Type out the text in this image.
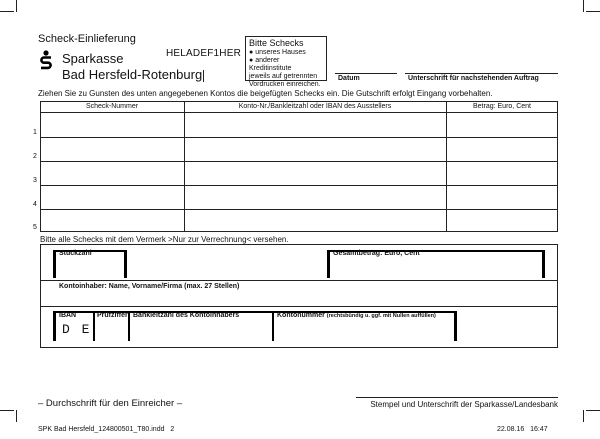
Scheck-Einlieferung
Sparkasse
Bad Hersfeld-Rotenburg
HELADEF1HER
Bitte Schecks
● unseres Hauses
● anderer Kreditinstitute
jeweils auf getrennten
Vordrucken einreichen.
Datum	Unterschrift für nachstehenden Auftrag
Ziehen Sie zu Gunsten des unten angegebenen Kontos die beigefügten Schecks ein. Die Gutschrift erfolgt Eingang vorbehalten.
Scheck-Nummer	Konto-Nr./Bankleitzahl oder IBAN des Ausstellers	Betrag: Euro, Cent
1
2
3
4
5
Bitte alle Schecks mit dem Vermerk >Nur zur Verrechnung< versehen.
Stückzahl	Gesamtbetrag: Euro, Cent
Kontoinhaber: Name, Vorname/Firma (max. 27 Stellen)
IBAN
D E
Prüfziffer Bankleitzahl des Kontoinhabers	Kontonummer (rechtsbündig u. ggf. mit Nullen auffüllen)
– Durchschrift für den Einreicher –	Stempel und Unterschrift der Sparkasse/Landesbank
SPK Bad Hersfeld_124800501_T80.indd   2	22.08.16   16:47
